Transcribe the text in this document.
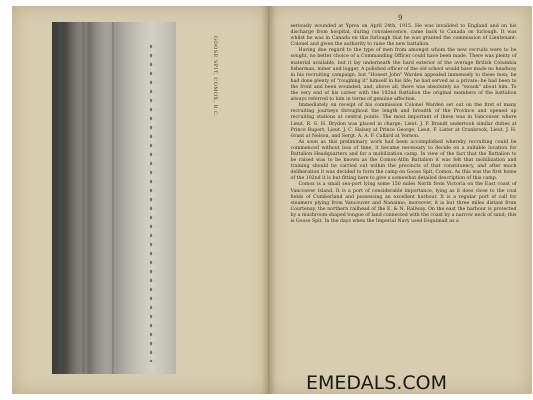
GOOSE SPIT, COMOX, B.C.
9

seriously wounded at Ypres on April 24th, 1915. He was invalided to England and on his discharge from hospital, during convalescence, came back to Canada on furlough. It was whilst he was in Canada on this furlough that he was granted the commission of Lieutenant-Colonel and given the authority to raise the new battalion.

Having due regard to the type of men from amongst whom the new recruits were to be sought, no better choice of a Commanding Officer could have been made. There was plenty of material available, but it lay underneath the hard exterior of the average British Columbia fisherman, miner and logger. A polished officer of the old school would have made no headway in his recruiting campaign, but "Honest John" Warden appealed immensely to these men; he had done plenty of "roughing it" himself in his life; he had served as a private; he had been to the front and been wounded, and, above all, there was absolutely no "swank" about him. To the very end of his career with the 102nd Battalion the original members of the battalion always referred to him in terms of genuine affection.

Immediately on receipt of his commission Colonel Warden set out on the first of many recruiting journeys throughout the length and breadth of the Province and opened up recruiting stations at central points. The most important of these was in Vancouver where Lieut. R. G. H. Brydon was placed in charge; Lieut. J. P. Brandt undertook similar duties at Prince Rupert, Lieut. J. C. Halsey at Prince George, Lieut. F. Lister at Cranbrook, Lieut. J. H. Grant at Nelson, and Sergt. A. A. F. Callard at Vernon.

As soon as this preliminary work had been accomplished whereby recruiting could be commenced without loss of time, it became necessary to decide on a suitable location for Battalion Headquarters and for a mobilization camp. In view of the fact that the Battalion to be raised was to be known as the Comox-Atlin Battalion it was felt that mobilization and training should be carried out within the precincts of that constituency, and after much deliberation it was decided to form the camp on Goose Spit, Comox. As this was the first home of the 102nd it is but fitting here to give a somewhat detailed description of this camp.

Comox is a small sea-port lying some 150 miles North from Victoria on the East coast of Vancouver Island. It is a port of considerable importance, lying as it does close to the coal fields of Cumberland and possessing an excellent harbour. It is a regular port of call for steamers plying from Vancouver and Nanaimo; moreover, it is but three miles distant from Courtenay, the northern railhead of the E. & N. Railway. On the east the harbour is protected by a mushroom-shaped tongue of land connected with the coast by a narrow neck of sand; this is Goose Spit. In the days when the Imperial Navy used Esquimalt as a

EMEDALS.COM
